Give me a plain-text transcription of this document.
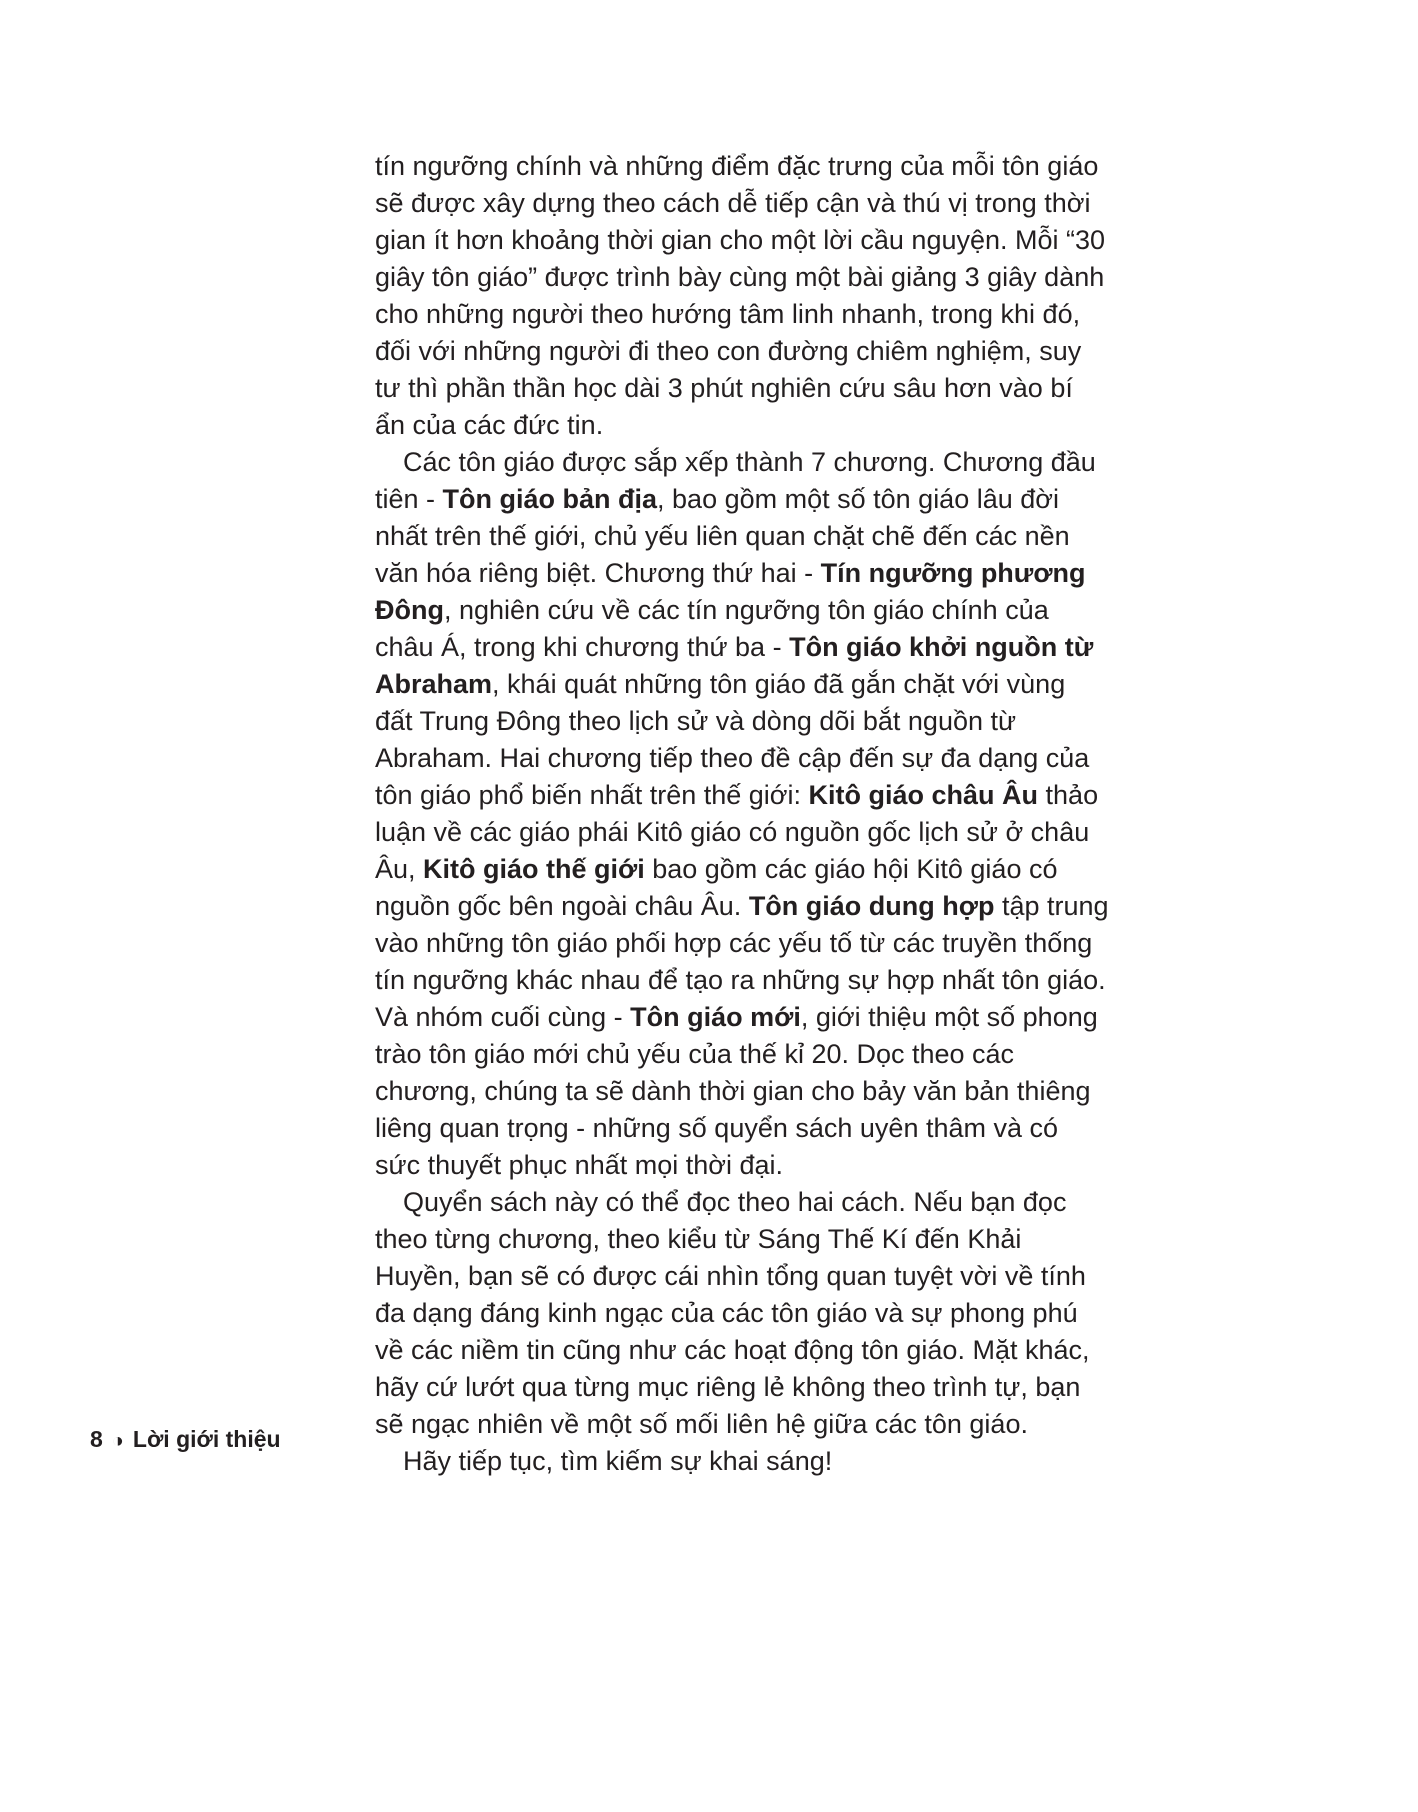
tín ngưỡng chính và những điểm đặc trưng của mỗi tôn giáo sẽ được xây dựng theo cách dễ tiếp cận và thú vị trong thời gian ít hơn khoảng thời gian cho một lời cầu nguyện. Mỗi “30 giây tôn giáo” được trình bày cùng một bài giảng 3 giây dành cho những người theo hướng tâm linh nhanh, trong khi đó, đối với những người đi theo con đường chiêm nghiệm, suy tư thì phần thần học dài 3 phút nghiên cứu sâu hơn vào bí ẩn của các đức tin.

Các tôn giáo được sắp xếp thành 7 chương. Chương đầu tiên - Tôn giáo bản địa, bao gồm một số tôn giáo lâu đời nhất trên thế giới, chủ yếu liên quan chặt chẽ đến các nền văn hóa riêng biệt. Chương thứ hai - Tín ngưỡng phương Đông, nghiên cứu về các tín ngưỡng tôn giáo chính của châu Á, trong khi chương thứ ba - Tôn giáo khởi nguồn từ Abraham, khái quát những tôn giáo đã gắn chặt với vùng đất Trung Đông theo lịch sử và dòng dõi bắt nguồn từ Abraham. Hai chương tiếp theo đề cập đến sự đa dạng của tôn giáo phổ biến nhất trên thế giới: Kitô giáo châu Âu thảo luận về các giáo phái Kitô giáo có nguồn gốc lịch sử ở châu Âu, Kitô giáo thế giới bao gồm các giáo hội Kitô giáo có nguồn gốc bên ngoài châu Âu. Tôn giáo dung hợp tập trung vào những tôn giáo phối hợp các yếu tố từ các truyền thống tín ngưỡng khác nhau để tạo ra những sự hợp nhất tôn giáo. Và nhóm cuối cùng - Tôn giáo mới, giới thiệu một số phong trào tôn giáo mới chủ yếu của thế kỉ 20. Dọc theo các chương, chúng ta sẽ dành thời gian cho bảy văn bản thiêng liêng quan trọng - những số quyển sách uyên thâm và có sức thuyết phục nhất mọi thời đại.

Quyển sách này có thể đọc theo hai cách. Nếu bạn đọc theo từng chương, theo kiểu từ Sáng Thế Kí đến Khải Huyền, bạn sẽ có được cái nhìn tổng quan tuyệt vời về tính đa dạng đáng kinh ngạc của các tôn giáo và sự phong phú về các niềm tin cũng như các hoạt động tôn giáo. Mặt khác, hãy cứ lướt qua từng mục riêng lẻ không theo trình tự, bạn sẽ ngạc nhiên về một số mối liên hệ giữa các tôn giáo.

Hãy tiếp tục, tìm kiếm sự khai sáng!

8 ◑ Lời giới thiệu
